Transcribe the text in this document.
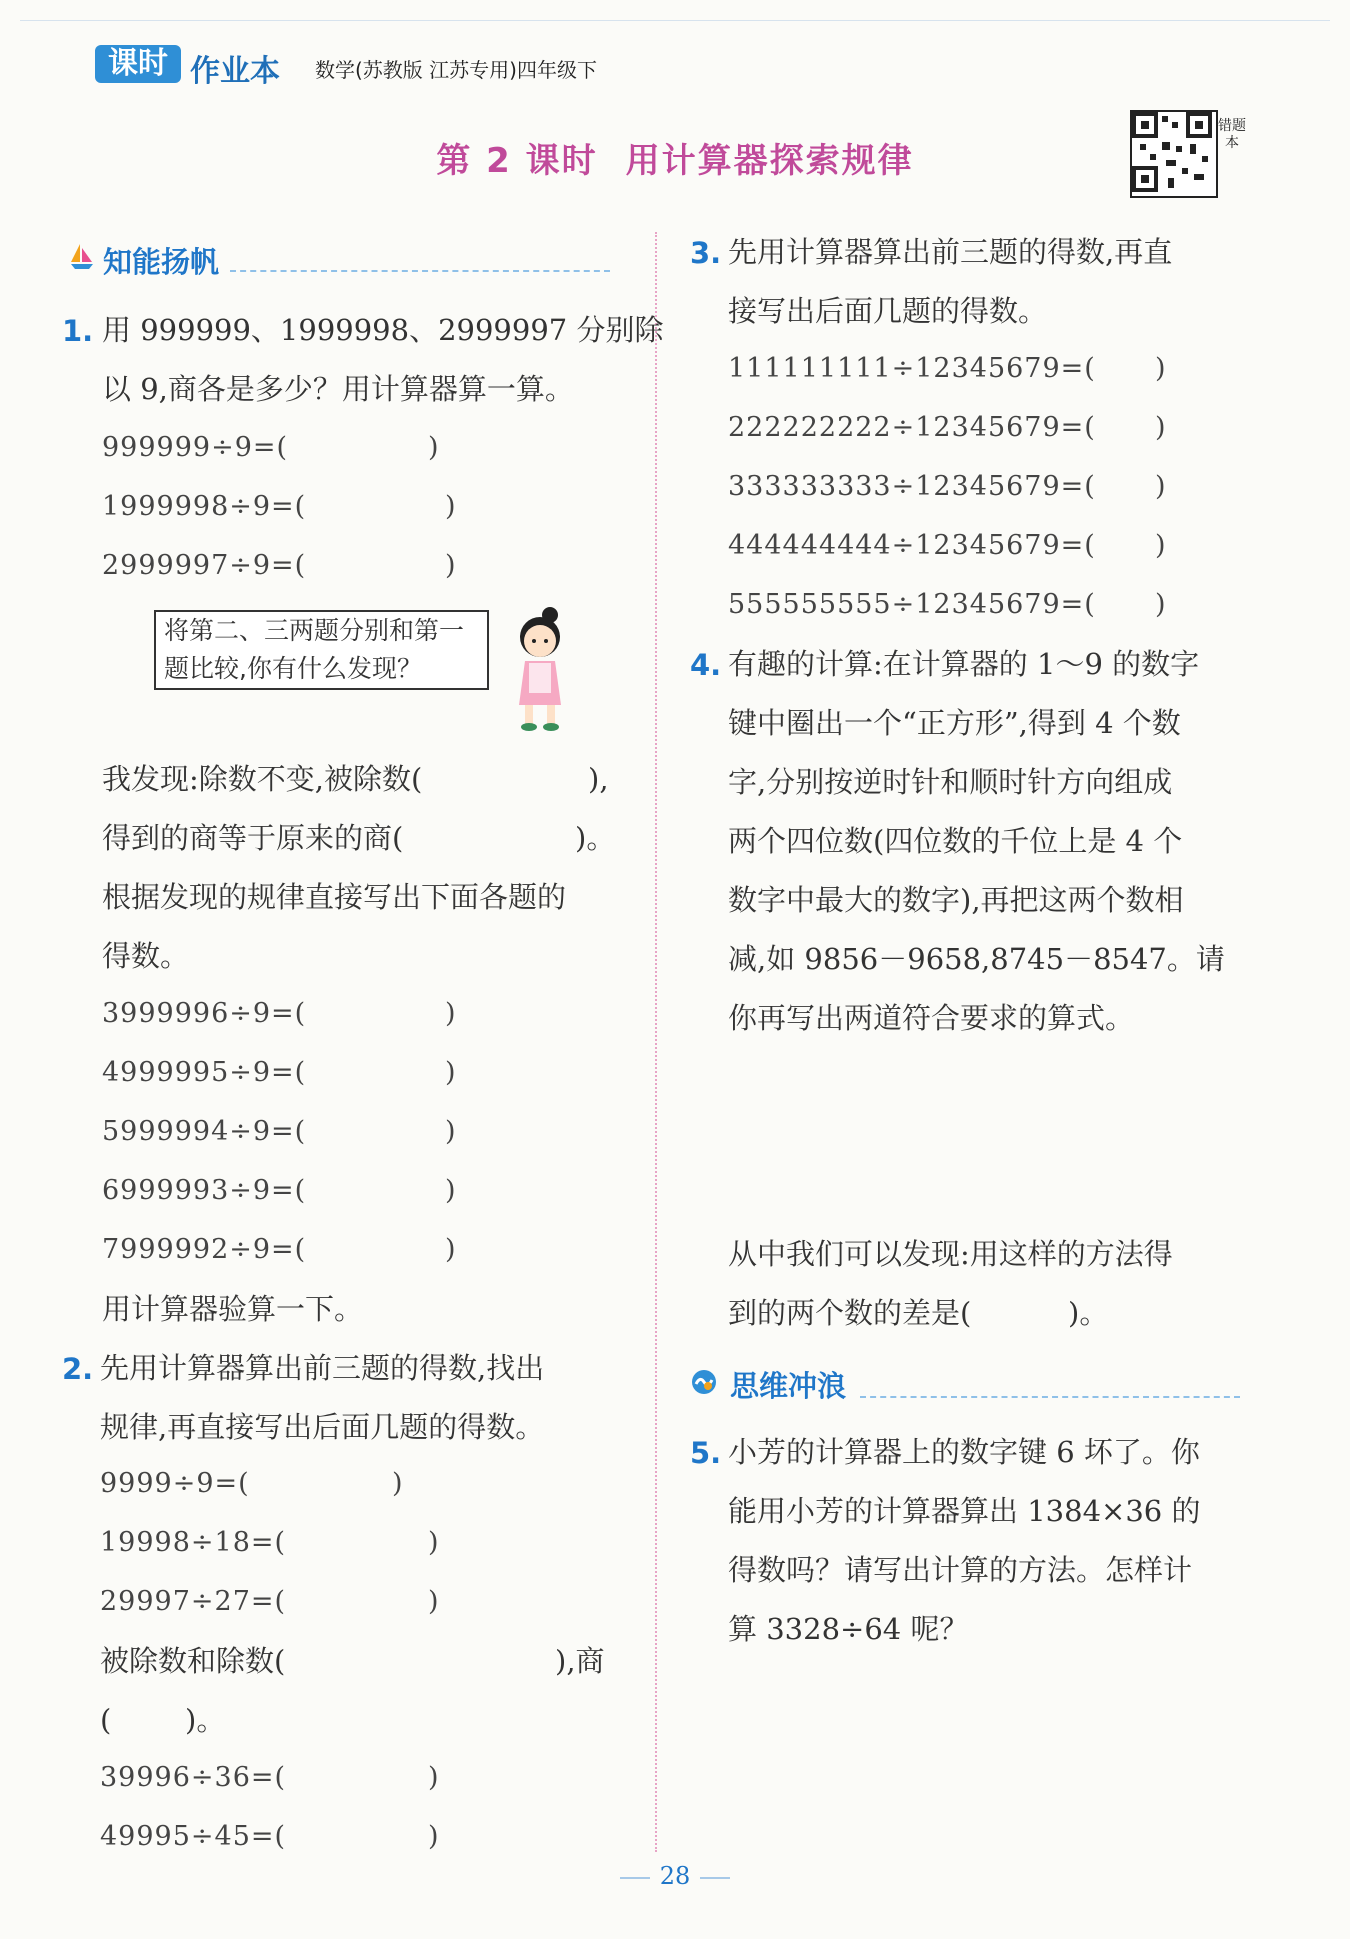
课时 作业本 数学(苏教版 江苏专用)四年级下
第 2 课时 用计算器探索规律
错题本
知能扬帆
1. 用 999999、1999998、2999997 分别除
以 9,商各是多少？用计算器算一算。
999999÷9=(	)
1999998÷9=(	)
2999997÷9=(	)
将第二、三两题分别和第一题比较,你有什么发现？
我发现:除数不变,被除数(	),
得到的商等于原来的商(	)。
根据发现的规律直接写出下面各题的
得数。
3999996÷9=(	)
4999995÷9=(	)
5999994÷9=(	)
6999993÷9=(	)
7999992÷9=(	)
用计算器验算一下。
2. 先用计算器算出前三题的得数,找出
规律,再直接写出后面几题的得数。
9999÷9=(	)
19998÷18=(	)
29997÷27=(	)
被除数和除数(	),商
(	)。
39996÷36=(	)
49995÷45=(	)
3. 先用计算器算出前三题的得数,再直
接写出后面几题的得数。
111111111÷12345679=( )
222222222÷12345679=( )
333333333÷12345679=( )
444444444÷12345679=( )
555555555÷12345679=( )
4. 有趣的计算:在计算器的 1～9 的数字
键中圈出一个“正方形”,得到 4 个数
字,分别按逆时针和顺时针方向组成
两个四位数(四位数的千位上是 4 个
数字中最大的数字),再把这两个数相
减,如 9856－9658,8745－8547。请
你再写出两道符合要求的算式。
从中我们可以发现:用这样的方法得
到的两个数的差是(	)。
思维冲浪
5. 小芳的计算器上的数字键 6 坏了。你
能用小芳的计算器算出 1384×36 的
得数吗？请写出计算的方法。怎样计
算 3328÷64 呢？
28
